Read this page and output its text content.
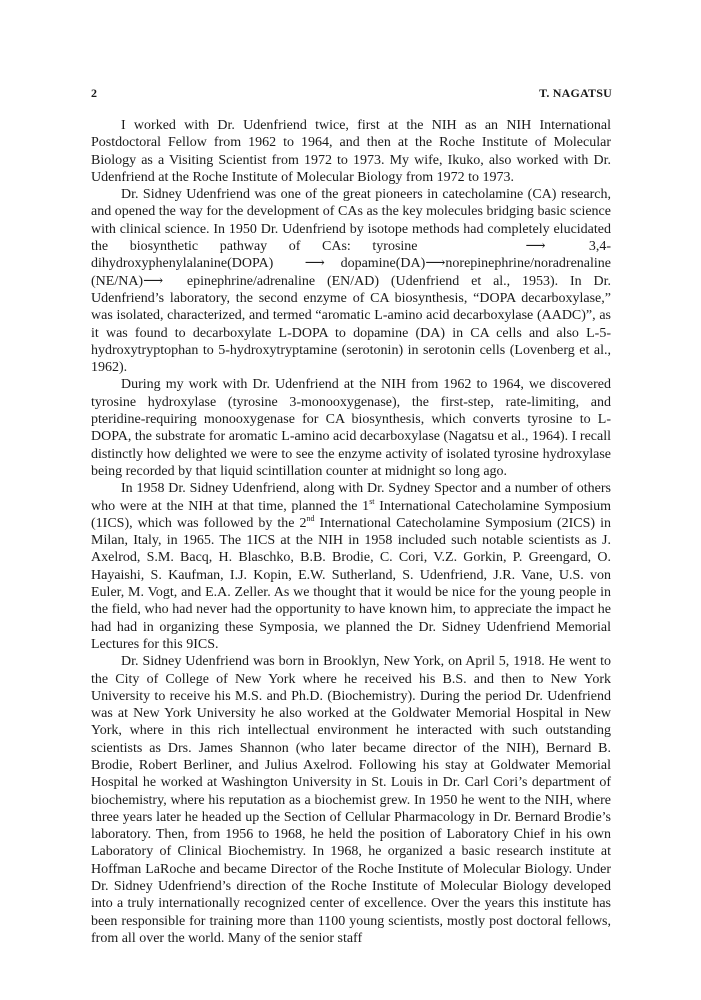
2	T. NAGATSU

I worked with Dr. Udenfriend twice, first at the NIH as an NIH International Postdoctoral Fellow from 1962 to 1964, and then at the Roche Institute of Molecular Biology as a Visiting Scientist from 1972 to 1973. My wife, Ikuko, also worked with Dr. Udenfriend at the Roche Institute of Molecular Biology from 1972 to 1973.

Dr. Sidney Udenfriend was one of the great pioneers in catecholamine (CA) research, and opened the way for the development of CAs as the key molecules bridging basic science with clinical science. In 1950 Dr. Udenfriend by isotope methods had completely elucidated the biosynthetic pathway of CAs: tyrosine	⟶	3,4-dihydroxyphenylalanine(DOPA) ⟶ dopamine(DA)⟶norepinephrine/noradrenaline (NE/NA)⟶ epinephrine/adrenaline (EN/AD) (Udenfriend et al., 1953). In Dr. Udenfriend’s laboratory, the second enzyme of CA biosynthesis, “DOPA decarboxylase,” was isolated, characterized, and termed “aromatic L-amino acid decarboxylase (AADC)”, as it was found to decarboxylate L-DOPA to dopamine (DA) in CA cells and also L-5-hydroxytryptophan to 5-hydroxytryptamine (serotonin) in serotonin cells (Lovenberg et al., 1962).

During my work with Dr. Udenfriend at the NIH from 1962 to 1964, we discovered tyrosine hydroxylase (tyrosine 3-monooxygenase), the first-step, rate-limiting, and pteridine-requiring monooxygenase for CA biosynthesis, which converts tyrosine to L-DOPA, the substrate for aromatic L-amino acid decarboxylase (Nagatsu et al., 1964). I recall distinctly how delighted we were to see the enzyme activity of isolated tyrosine hydroxylase being recorded by that liquid scintillation counter at midnight so long ago.

In 1958 Dr. Sidney Udenfriend, along with Dr. Sydney Spector and a number of others who were at the NIH at that time, planned the 1st International Catecholamine Symposium (1ICS), which was followed by the 2nd International Catecholamine Symposium (2ICS) in Milan, Italy, in 1965. The 1ICS at the NIH in 1958 included such notable scientists as J. Axelrod, S.M. Bacq, H. Blaschko, B.B. Brodie, C. Cori, V.Z. Gorkin, P. Greengard, O. Hayaishi, S. Kaufman, I.J. Kopin, E.W. Sutherland, S. Udenfriend, J.R. Vane, U.S. von Euler, M. Vogt, and E.A. Zeller. As we thought that it would be nice for the young people in the field, who had never had the opportunity to have known him, to appreciate the impact he had had in organizing these Symposia, we planned the Dr. Sidney Udenfriend Memorial Lectures for this 9ICS.

Dr. Sidney Udenfriend was born in Brooklyn, New York, on April 5, 1918. He went to the City of College of New York where he received his B.S. and then to New York University to receive his M.S. and Ph.D. (Biochemistry). During the period Dr. Udenfriend was at New York University he also worked at the Goldwater Memorial Hospital in New York, where in this rich intellectual environment he interacted with such outstanding scientists as Drs. James Shannon (who later became director of the NIH), Bernard B. Brodie, Robert Berliner, and Julius Axelrod. Following his stay at Goldwater Memorial Hospital he worked at Washington University in St. Louis in Dr. Carl Cori’s department of biochemistry, where his reputation as a biochemist grew. In 1950 he went to the NIH, where three years later he headed up the Section of Cellular Pharmacology in Dr. Bernard Brodie’s laboratory. Then, from 1956 to 1968, he held the position of Laboratory Chief in his own Laboratory of Clinical Biochemistry. In 1968, he organized a basic research institute at Hoffman LaRoche and became Director of the Roche Institute of Molecular Biology. Under Dr. Sidney Udenfriend’s direction of the Roche Institute of Molecular Biology developed into a truly internationally recognized center of excellence. Over the years this institute has been responsible for training more than 1100 young scientists, mostly post doctoral fellows, from all over the world. Many of the senior staff
